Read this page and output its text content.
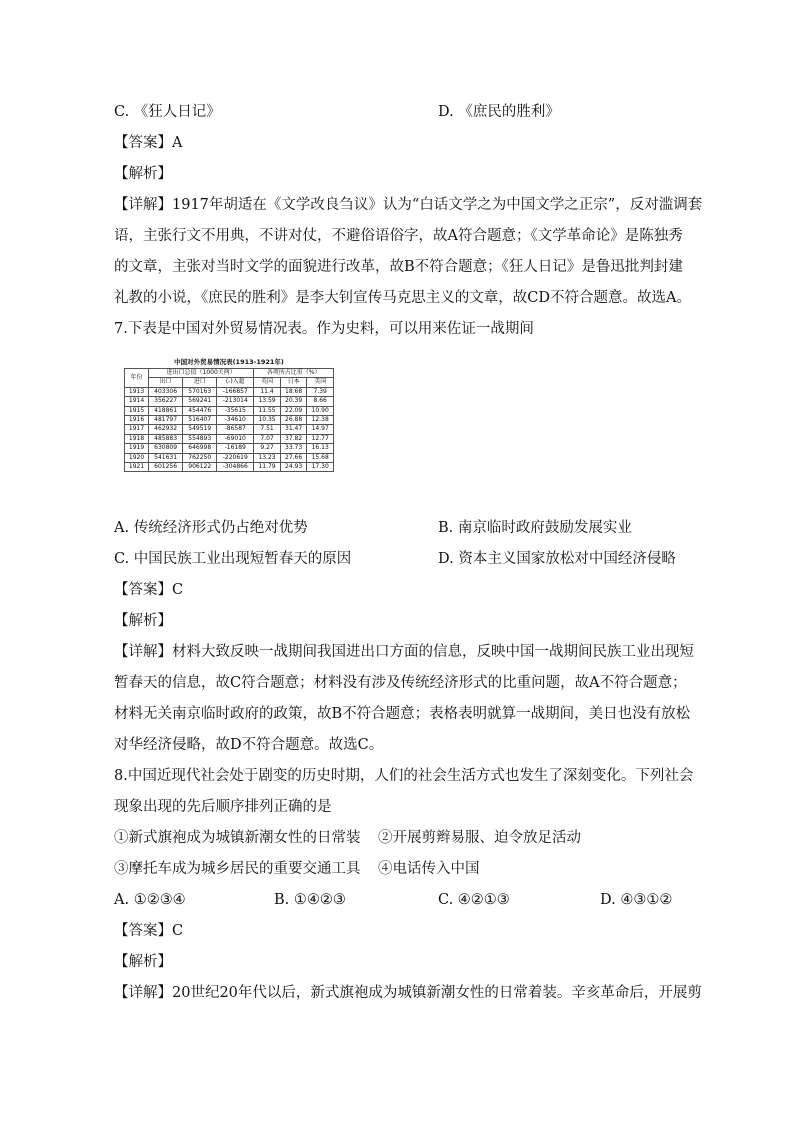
C. 《狂人日记》	D. 《庶民的胜利》
【答案】A
【解析】
【详解】1917年胡适在《文学改良刍议》认为“白话文学之为中国文学之正宗”，反对滥调套
语，主张行文不用典，不讲对仗，不避俗语俗字，故A符合题意；《文学革命论》是陈独秀
的文章，主张对当时文学的面貌进行改革，故B不符合题意；《狂人日记》是鲁迅批判封建
礼教的小说，《庶民的胜利》是李大钊宣传马克思主义的文章，故CD不符合题意。故选A。
7.下表是中国对外贸易情况表。作为史料，可以用来佐证一战期间
中国对外贸易情况表(1913-1921年)
年份	进出口总值（1000关两）			各项所占比重（%）		
	出口	进口	(-)入超	英国	日本	美国
1913	403306	570163	-166857	11.4	18.68	7.39
1914	356227	569241	-213014	13.59	20.39	8.66
1915	418861	454476	-35615	11.55	22.09	10.90
1916	481797	516407	-34610	10.35	26.88	12.38
1917	462932	549519	-86587	7.51	31.47	14.97
1918	485883	554893	-69010	7.07	37.82	12.77
1919	630809	646998	-16189	9.27	33.73	16.13
1920	541631	762250	-220619	13.23	27.66	15.68
1921	601256	906122	-304866	11.79	24.93	17.30
A. 传统经济形式仍占绝对优势	B. 南京临时政府鼓励发展实业
C. 中国民族工业出现短暂春天的原因	D. 资本主义国家放松对中国经济侵略
【答案】C
【解析】
【详解】材料大致反映一战期间我国进出口方面的信息，反映中国一战期间民族工业出现短
暂春天的信息，故C符合题意；材料没有涉及传统经济形式的比重问题，故A不符合题意；
材料无关南京临时政府的政策，故B不符合题意；表格表明就算一战期间，美日也没有放松
对华经济侵略，故D不符合题意。故选C。
8.中国近现代社会处于剧变的历史时期，人们的社会生活方式也发生了深刻变化。下列社会
现象出现的先后顺序排列正确的是
①新式旗袍成为城镇新潮女性的日常装 ②开展剪辫易服、迫令放足活动
③摩托车成为城乡居民的重要交通工具 ④电话传入中国
A. ①②③④	B. ①④②③	C. ④②①③	D. ④③①②
【答案】C
【解析】
【详解】20世纪20年代以后，新式旗袍成为城镇新潮女性的日常着装。辛亥革命后，开展剪
